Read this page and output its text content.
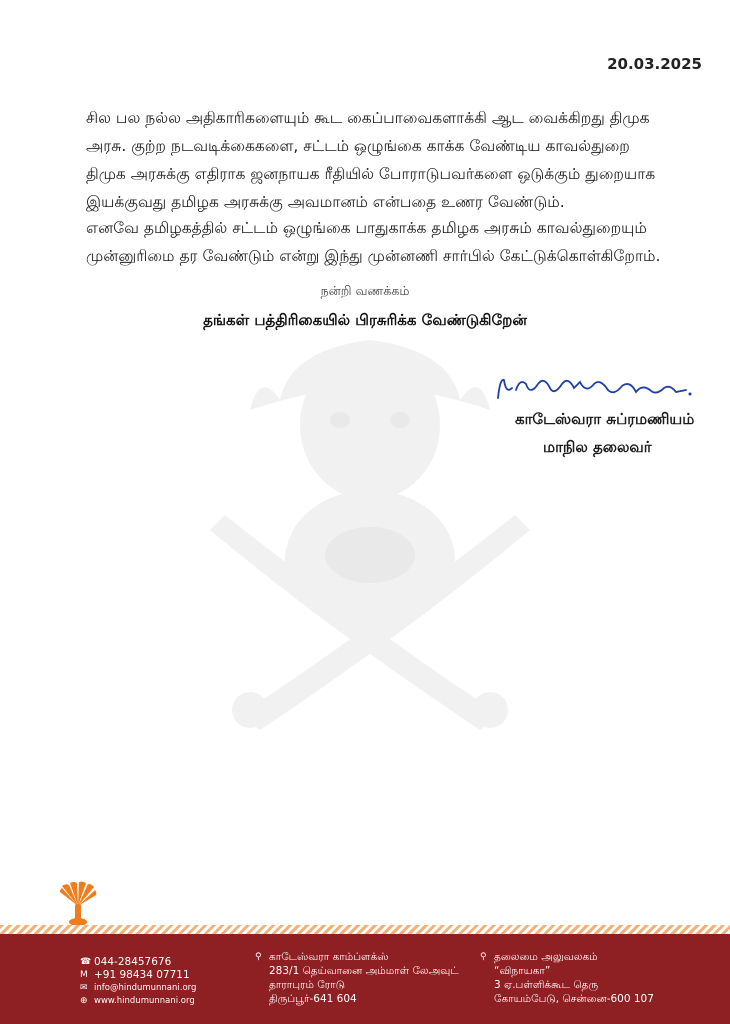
20.03.2025

சில பல நல்ல அதிகாரிகளையும் கூட கைப்பாவைகளாக்கி ஆட வைக்கிறது திமுக
அரசு. குற்ற நடவடிக்கைகளை, சட்டம் ஒழுங்கை காக்க வேண்டிய காவல்துறை
திமுக அரசுக்கு எதிராக ஜனநாயக ரீதியில் போராடுபவர்களை ஒடுக்கும் துறையாக
இயக்குவது தமிழக அரசுக்கு அவமானம் என்பதை உணர வேண்டும்.

எனவே தமிழகத்தில் சட்டம் ஒழுங்கை பாதுகாக்க தமிழக அரசும் காவல்துறையும்
முன்னுரிமை தர வேண்டும் என்று இந்து முன்னணி சார்பில் கேட்டுக்கொள்கிறோம்.

நன்றி வணக்கம்
தங்கள் பத்திரிகையில் பிரசுரிக்க வேண்டுகிறேன்
காடேஸ்வரா சுப்ரமணியம்
மாநில தலைவர்
☎ 044-28457676
M +91 98434 07711
✉ info@hindumunnani.org
⊕ www.hindumunnani.org
⚲ காடேஸ்வரா காம்ப்ளக்ஸ்
283/1 தெய்வானை அம்மாள் லேஅவுட்
தாராபுரம் ரோடு
திருப்பூர்-641 604
⚲ தலைமை அலுவலகம்
“விநாயகா”
3 ஏ.பள்ளிக்கூட தெரு
கோயம்பேடு, சென்னை-600 107
